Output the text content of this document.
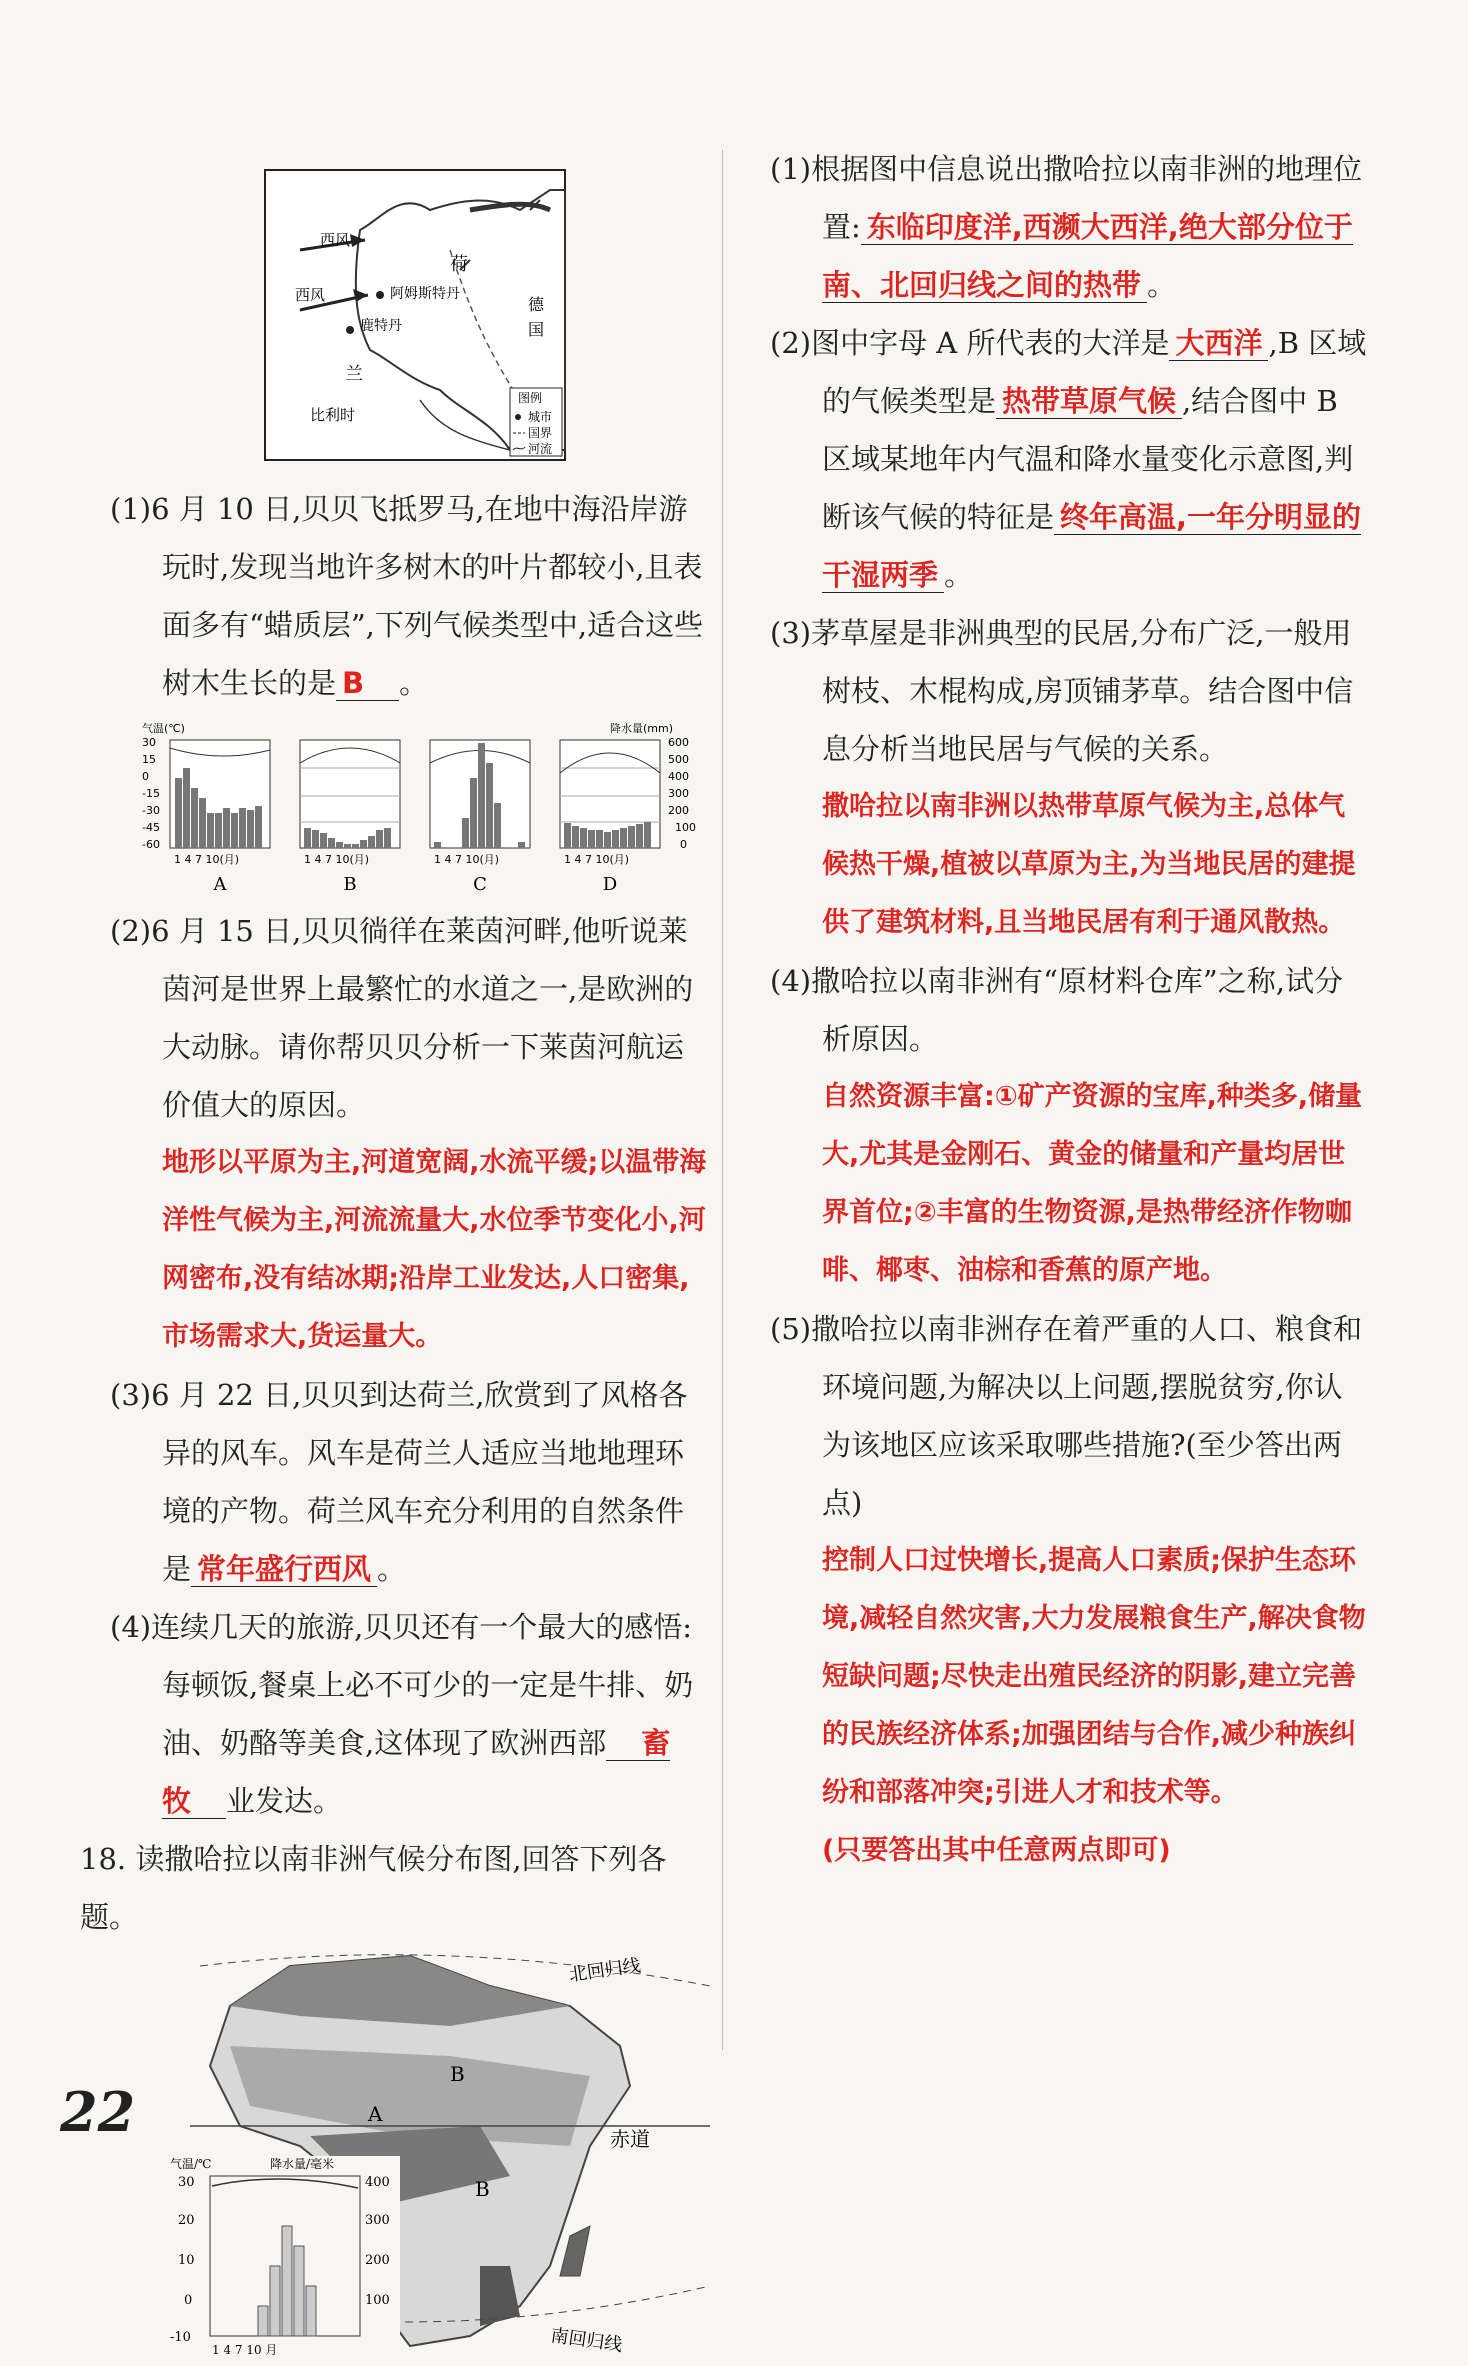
西风
西风	阿姆斯特丹
鹿特丹
荷
兰
德
国
比利时
图例
城市
国界
河流

(1)6 月 10 日,贝贝飞抵罗马,在地中海沿岸游玩时,发现当地许多树木的叶片都较小,且表面多有“蜡质层”,下列气候类型中,适合这些树木生长的是 B  。

气温(℃)	降水量(mm)
30
15
0
-15
-30
-45
-60
600
500
400
300
200
100
0
1 4 7 10(月)
A
1 4 7 10(月)
B
1 4 7 10(月)
C
1 4 7 10(月)
D

(2)6 月 15 日,贝贝徜徉在莱茵河畔,他听说莱茵河是世界上最繁忙的水道之一,是欧洲的大动脉。请你帮贝贝分析一下莱茵河航运价值大的原因。

地形以平原为主,河道宽阔,水流平缓;以温带海洋性气候为主,河流流量大,水位季节变化小,河网密布,没有结冰期;沿岸工业发达,人口密集,市场需求大,货运量大。

(3)6 月 22 日,贝贝到达荷兰,欣赏到了风格各异的风车。风车是荷兰人适应当地地理环境的产物。荷兰风车充分利用的自然条件是 常年盛行西风 。

(4)连续几天的旅游,贝贝还有一个最大的感悟:每顿饭,餐桌上必不可少的一定是牛排、奶油、奶酪等美食,这体现了欧洲西部  畜牧  业发达。

18. 读撒哈拉以南非洲气候分布图,回答下列各题。

北回归线
赤道
南回归线
B
B
A
气温/℃	降水量/毫米
30
20
10
0
-10
400
300
200
100
1 4 7 10 月

(1)根据图中信息说出撒哈拉以南非洲的地理位置: 东临印度洋,西濒大西洋,绝大部分位于南、北回归线之间的热带 。

(2)图中字母 A 所代表的大洋是 大西洋 ,B 区域的气候类型是 热带草原气候 ,结合图中 B 区域某地年内气温和降水量变化示意图,判断该气候的特征是 终年高温,一年分明显的干湿两季 。

(3)茅草屋是非洲典型的民居,分布广泛,一般用树枝、木棍构成,房顶铺茅草。结合图中信息分析当地民居与气候的关系。

撒哈拉以南非洲以热带草原气候为主,总体气候热干燥,植被以草原为主,为当地民居的建提供了建筑材料,且当地民居有利于通风散热。

(4)撒哈拉以南非洲有“原材料仓库”之称,试分析原因。

自然资源丰富:①矿产资源的宝库,种类多,储量大,尤其是金刚石、黄金的储量和产量均居世界首位;②丰富的生物资源,是热带经济作物咖啡、椰枣、油棕和香蕉的原产地。

(5)撒哈拉以南非洲存在着严重的人口、粮食和环境问题,为解决以上问题,摆脱贫穷,你认为该地区应该采取哪些措施?(至少答出两点)

控制人口过快增长,提高人口素质;保护生态环境,减轻自然灾害,大力发展粮食生产,解决食物短缺问题;尽快走出殖民经济的阴影,建立完善的民族经济体系;加强团结与合作,减少种族纠纷和部落冲突;引进人才和技术等。

(只要答出其中任意两点即可)

22
